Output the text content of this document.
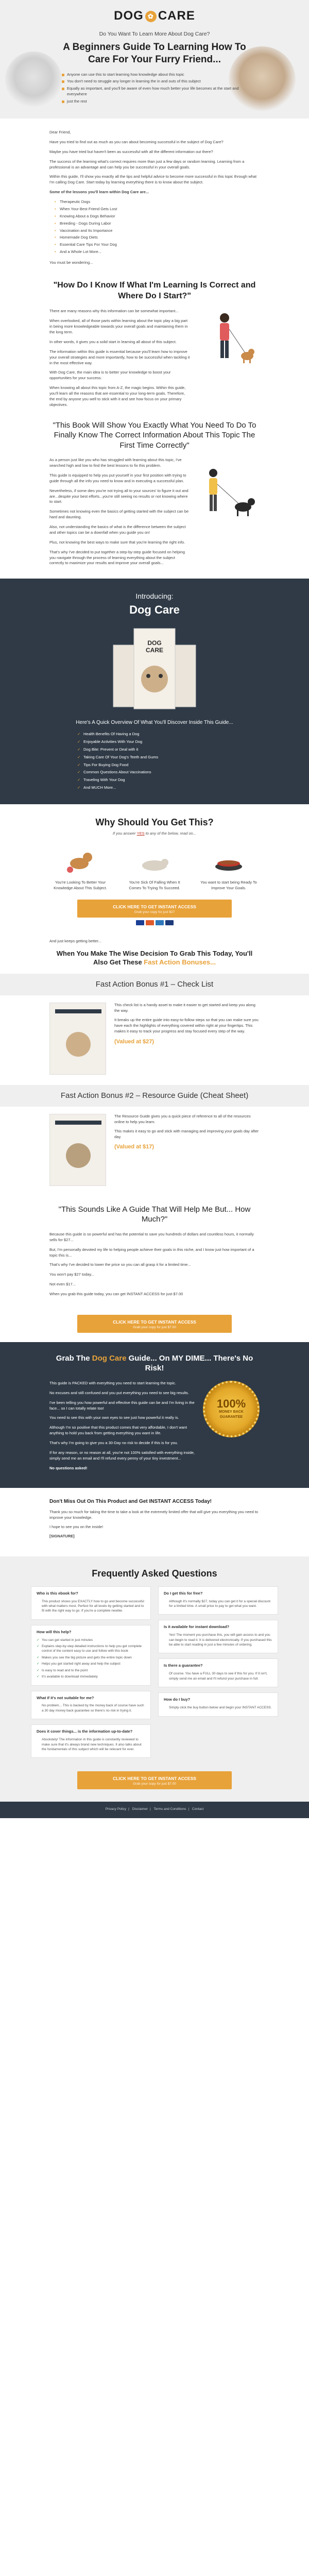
DOG ✿ CARE
Do You Want To Learn More About Dog Care?
A Beginners Guide To Learning How To Care For Your Furry Friend...
Anyone can use this to start learning how knowledge about this topic
You don't need to struggle any longer in learning the in and outs of this subject
Equally as important, and you'll be aware of even how much better your life becomes at the start and everywhere
just the rest

Dear Friend,

Have you tried to find out as much as you can about becoming successful in the subject of Dog Care?

Maybe you have tried but haven't been as successful with all the different information out there?

The success of the learning what's correct requires more than just a few days or random learning. Learning from a professional is an advantage and can help you be successful in your overall goals.

Within this guide, I'll show you exactly all the tips and helpful advice to become more successful in this topic through what I'm calling Dog Care. Start today by learning everything there is to know about the subject.

Some of the lessons you'll learn within Dog Care are...

• Therapeutic Dogs
• When Your Best Friend Gets Lost
• Knowing About a Dogs Behavior
• Breeding - Dogs During Labor
• Vaccination and Its Importance
• Homemade Dog Diets
• Essential Care Tips For Your Dog
• And a Whole Lot More...

You must be wondering...

"How Do I Know If What I'm Learning Is Correct and Where Do I Start?"

There are many reasons why this information can be somewhat important...

When overlooked, all of those parts within learning about the topic play a big part in being more knowledgeable towards your overall goals and maintaining them in the long term.

In other words, it gives you a solid start in learning all about of this subject.

The information within this guide is essential because you'll learn how to improve your overall strategies and more importantly, how to be successful when tackling it in the most effective way.

With Dog Care, the main idea is to better your knowledge to boost your opportunities for your success.

When knowing all about this topic from A-Z, the magic begins. Within this guide, you'll learn all the reasons that are essential to your long-term goals. Therefore, the end by anyone you well to stick with it and see how focus on your primary objectives.

"This Book Will Show You Exactly What You Need To Do To Finally Know The Correct Information About This Topic The First Time Correctly"

As a person just like you who has struggled with learning about this topic, I've searched high and low to find the best lessons to fix this problem.

This guide is equipped to help you put yourself in your first position with trying to guide through all the info you need to know and in executing a successful plan.

Nevertheless, if some dies you're not trying all to your sources' to figure it out and are...despite your best efforts...you're still seeing no results or not knowing where to start.

Sometimes not knowing even the basics of getting started with the subject can be hard and daunting.

Also, not understanding the basics of what is the difference between the subject and other topics can be a downfall when you guide you on!

Plus, not knowing the best ways to make sure that you're learning the right info.

That's why I've decided to put together a step-by-step guide focused on helping you navigate through the process of learning everything about the subject correctly to maximize your results and improve your overall goals...

Introducing:
Dog Care
DOG
CARE
Here's A Quick Overview Of What You'll Discover Inside This Guide...
✓ Health Benefits Of Having a Dog
✓ Enjoyable Activities With Your Dog
✓ Dog Bite: Prevent or Deal with it
✓ Taking Care Of Your Dog's Teeth and Gums
✓ Tips For Buying Dog Food
✓ Common Questions About Vaccinations
✓ Traveling With Your Dog
✓ And MUCH More...
Why Should You Get This?
If you answer YES to any of the below, read on...
You're Looking To Better Your Knowledge About This Subject.
You're Sick Of Falling When It Comes To Trying To Succeed.
You want to start being Ready To Improve Your Goals.
CLICK HERE TO GET INSTANT ACCESS
Grab your copy for just $27
And just keeps getting better...
When You Make The Wise Decision To Grab This Today, You'll Also Get These Fast Action Bonuses...
Fast Action Bonus #1 – Check List

This check list is a handy asset to make it easier to get started and keep you along the way.

It breaks up the entire guide into easy-to-follow steps so that you can make sure you have each the highlights of everything covered within right at your fingertips. This makes it easy to track your progress and stay focused every step of the way.

(Valued at $27)
Fast Action Bonus #2 – Resource Guide (Cheat Sheet)

The Resource Guide gives you a quick piece of reference to all of the resources online to help you learn.

This makes it easy to go and stick with managing and improving your goals day after day.

(Valued at $17)
"This Sounds Like A Guide That Will Help Me But... How Much?"

Because this guide is so powerful and has the potential to save you hundreds of dollars and countless hours, it normally sells for $27...

But, I'm personally devoted my life to helping people achieve their goals in this niche, and I know just how important of a topic this is...

That's why I've decided to lower the price so you can all grasp it for a limited time...

You won't pay $27 today...

Not even $17...

When you grab this guide today, you can get INSTANT ACCESS for just $7.00

CLICK HERE TO GET INSTANT ACCESS
Grab your copy for just $7.00
Grab The Dog Care Guide... On MY DIME... There's No Risk!

This guide is PACKED with everything you need to start learning the topic.

No excuses and still confused and you put everything you need to see big results.

I've been telling you how powerful and effective this guide can be and I'm living in the face... so I can totally relate too!

You need to see this with your own eyes to see just how powerful it really is.

Although I'm so positive that this product comes that very affordable, I don't want anything to hold you back from getting everything you want in life.

That's why I'm going to give you a 30-Day no risk to decide if this is for you.

If for any reason, or no reason at all, you're not 100% satisfied with everything inside, simply send me an email and I'll refund every penny of your tiny investment...

No questions asked!

100%
MONEY BACK
GUARANTEE
Don't Miss Out On This Product and Get INSTANT ACCESS Today!

Thank you so much for taking the time to take a look at the extremely limited offer that will give you everything you need to improve your knowledge.

I hope to see you on the inside!

[SIGNATURE]

Frequently Asked Questions
Who is this ebook for?
This product shows you EXACTLY how to go and become successful with what matters most. Perfect for all levels by getting started and to fit with the right way to go. If you're a complete newbie.
How will this help?
✓ You can get started in just minutes
✓ Explains step-by-step detailed instructions to help you get complete control of the content easy to use and follow with this book
✓ Makes you see the big picture and gets the entire topic down
✓ Helps you get started right away and help the subject
✓ Is easy to read and to the point
✓ It's available to download immediately
What if it's not suitable for me?
No problem... This is backed by the money back of course have such a 30 day money back guarantee so there's no risk in trying it.
Does it cover things... is the information up-to-date?
Absolutely! The information in this guide is constantly reviewed to make sure that it's always brand new techniques. It also talks about the fundamentals of this subject which will be relevant for ever.
Do I get this for free?
Although it's normally $27, today you can get it for a special discount for a limited time. A small price to pay to get what you want.
Is it available for instant download?
Yes! The moment you purchase this, you will gain access to and you can begin to read it. It is delivered electronically. If you purchased this be able to start reading in just a few minutes of ordering.
Is there a guarantee?
Of course. You have a FULL 30 days to see if this for you. If it isn't, simply send me an email and I'll refund your purchase in full.
How do I buy?
Simply click the buy button below and begin your INSTANT ACCESS.
CLICK HERE TO GET INSTANT ACCESS
Grab your copy for just $7.00
Privacy Policy | Disclaimer | Terms and Conditions | Contact
